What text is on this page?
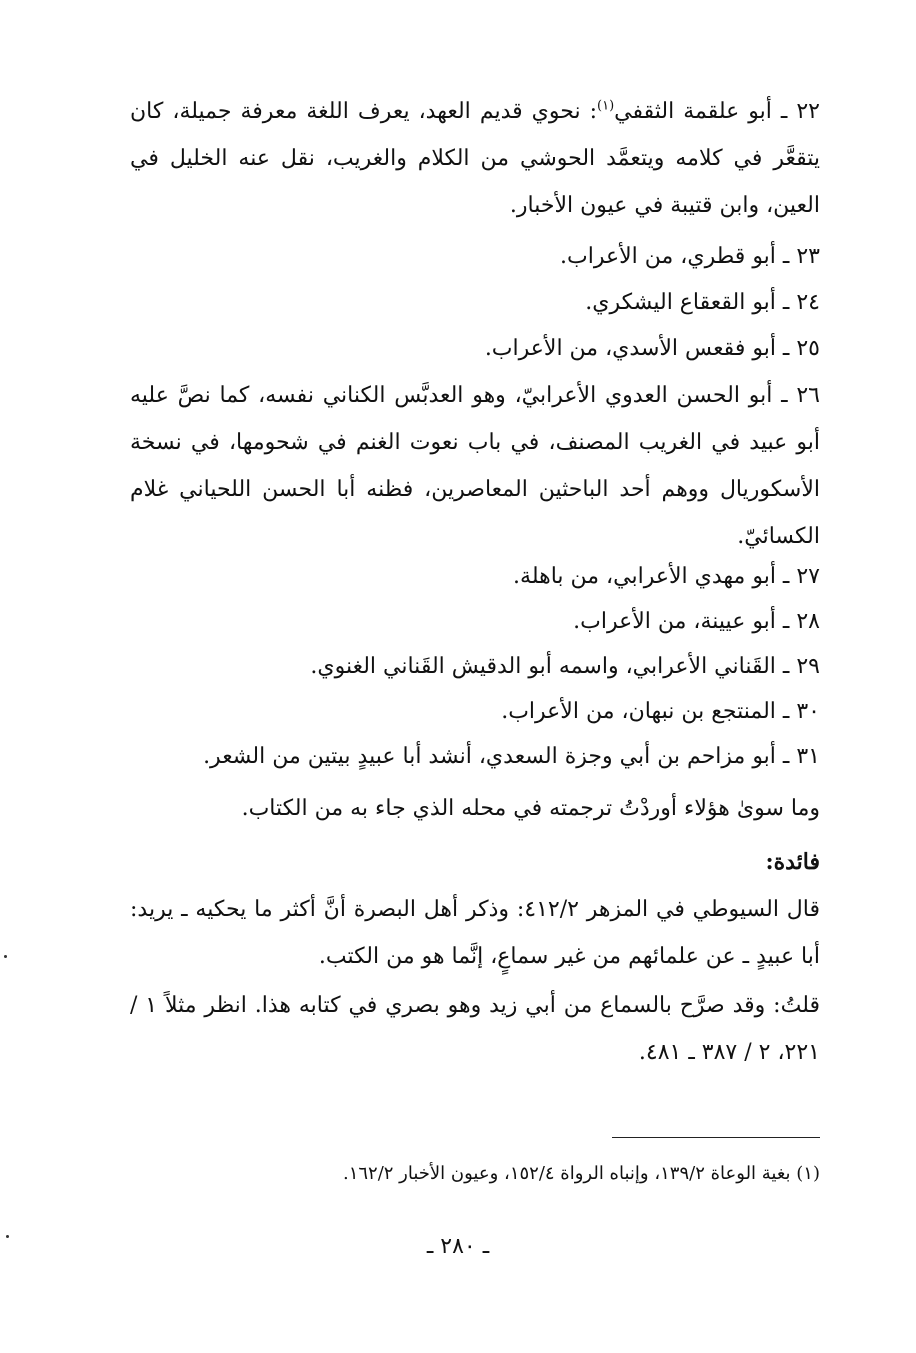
٢٢ ـ أبو علقمة الثقفي$^{(١)}$: نحوي قديم العهد، يعرف اللغة معرفة جميلة، كان يتقعَّر في كلامه ويتعمَّد الحوشي من الكلام والغريب، نقل عنه الخليل في العين، وابن قتيبة في عيون الأخبار.
٢٣ ـ أبو قطري، من الأعراب.
٢٤ ـ أبو القعقاع اليشكري.
٢٥ ـ أبو فقعس الأسدي، من الأعراب.
٢٦ ـ أبو الحسن العدوي الأعرابيّ، وهو العدبَّس الكناني نفسه، كما نصَّ عليه أبو عبيد في الغريب المصنف، في باب نعوت الغنم في شحومها، في نسخة الأسكوريال ووهم أحد الباحثين المعاصرين، فظنه أبا الحسن اللحياني غلام الكسائيّ.
٢٧ ـ أبو مهدي الأعرابي، من باهلة.
٢٨ ـ أبو عيينة، من الأعراب.
٢٩ ـ القَناني الأعرابي، واسمه أبو الدقيش القَناني الغنوي.
٣٠ ـ المنتجع بن نبهان، من الأعراب.
٣١ ـ أبو مزاحم بن أبي وجزة السعدي، أنشد أبا عبيدٍ بيتين من الشعر.
وما سوىٰ هؤلاء أوردْتُ ترجمته في محله الذي جاء به من الكتاب.
فائدة:
قال السيوطي في المزهر ٤١٢/٢: وذكر أهل البصرة أنَّ أكثر ما يحكيه ـ يريد: أبا عبيدٍ ـ عن علمائهم من غير سماعٍ، إنَّما هو من الكتب.
قلتُ: وقد صرَّح بالسماع من أبي زيد وهو بصري في كتابه هذا. انظر مثلاً ١ / ٢٢١، ٢ / ٣٨٧ ـ ٤٨١.
(١) بغية الوعاة ١٣٩/٢، وإنباه الرواة ١٥٢/٤، وعيون الأخبار ١٦٢/٢.
ـ ٢٨٠ ـ
